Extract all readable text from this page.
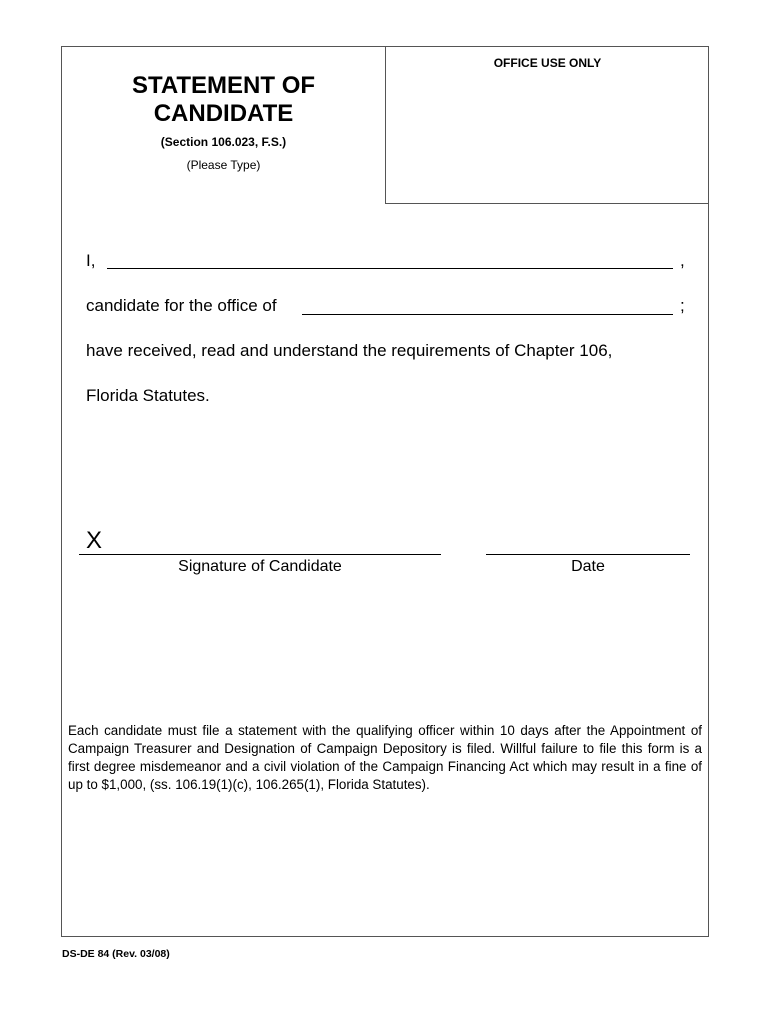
OFFICE USE ONLY
STATEMENT OF
CANDIDATE
(Section 106.023, F.S.)
(Please Type)
I,	,
candidate for the office of	;
have received, read and understand the requirements of Chapter 106,
Florida Statutes.
X
Signature of Candidate	Date
Each candidate must file a statement with the qualifying officer within 10 days after the Appointment of Campaign Treasurer and Designation of Campaign Depository is filed. Willful failure to file this form is a first degree misdemeanor and a civil violation of the Campaign Financing Act which may result in a fine of up to $1,000, (ss. 106.19(1)(c), 106.265(1), Florida Statutes).
DS-DE 84 (Rev. 03/08)
